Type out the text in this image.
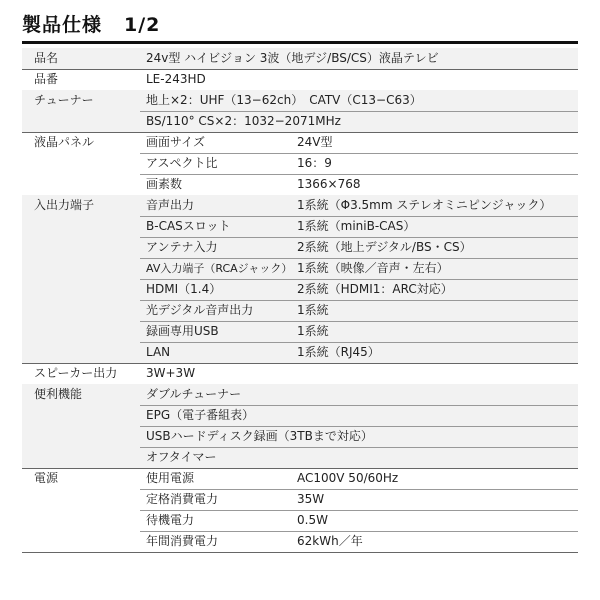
製品仕様 1/2
品名	24v型 ハイビジョン 3波（地デジ/BS/CS）液晶テレビ
品番	LE-243HD
チューナー	地上×2：UHF（13−62ch）　CATV（C13−C63）
BS/110° CS×2：1032−2071MHz
液晶パネル	画面サイズ	24V型
アスペクト比	16：9
画素数	1366×768
入出力端子	音声出力	1系統（Φ3.5mm ステレオミニピンジャック）
B-CASスロット	1系統（miniB-CAS）
アンテナ入力	2系統（地上デジタル/BS・CS）
AV入力端子（RCAジャック） 1系統（映像／音声・左右）
HDMI（1.4）	2系統（HDMI1：ARC対応）
光デジタル音声出力	1系統
録画専用USB	1系統
LAN	1系統（RJ45）
スピーカー出力 3W+3W
便利機能	ダブルチューナー
EPG（電子番組表）
USBハードディスク録画（3TBまで対応）
オフタイマー
電源	使用電源	AC100V 50/60Hz
定格消費電力	35W
待機電力	0.5W
年間消費電力	62kWh／年
